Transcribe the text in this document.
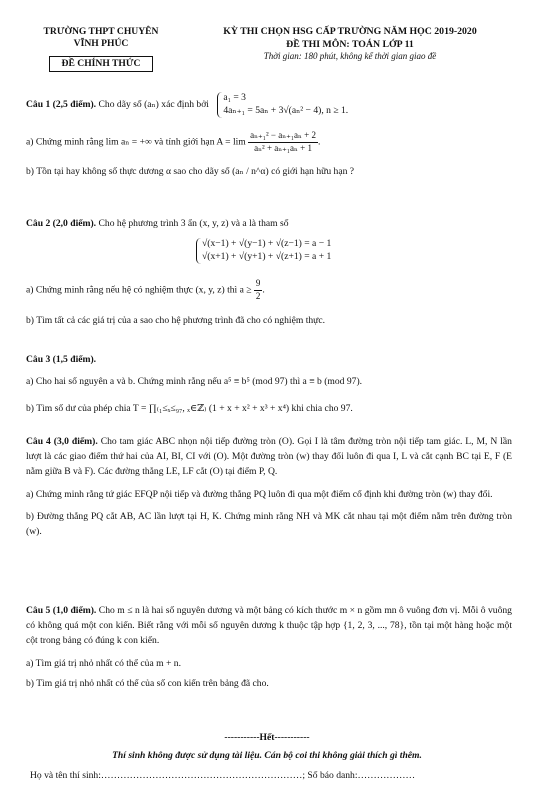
TRƯỜNG THPT CHUYÊN
VĨNH PHÚC
ĐỀ CHÍNH THỨC
KỲ THI CHỌN HSG CẤP TRƯỜNG NĂM HỌC 2019-2020
ĐỀ THI MÔN: TOÁN LỚP 11
Thời gian: 180 phút, không kể thời gian giao đề

Câu 1 (2,5 điểm). Cho dãy số (aₙ) xác định bởi
a₁ = 3
4aₙ₊₁ = 5aₙ + 3√(aₙ² − 4), n ≥ 1.

a) Chứng minh rằng lim aₙ = +∞ và tính giới hạn $A = \lim \frac{\text{aₙ₊₁² − aₙ₊₁aₙ + 2}}{\text{aₙ² + aₙ₊₁aₙ + 1}}$ .

b) Tồn tại hay không số thực dương α sao cho dãy số (aₙ / n^α) có giới hạn hữu hạn ?

Câu 2 (2,0 điểm). Cho hệ phương trình 3 ẩn (x, y, z) và a là tham số

√(x−1) + √(y−1) + √(z−1) = a − 1
√(x+1) + √(y+1) + √(z+1) = a + 1

a) Chứng minh rằng nếu hệ có nghiệm thực (x, y, z) thì $a \ge \frac{9}{2}$ .

b) Tìm tất cả các giá trị của a sao cho hệ phương trình đã cho có nghiệm thực.

Câu 3 (1,5 điểm).

a) Cho hai số nguyên a và b. Chứng minh rằng nếu a⁵ ≡ b⁵ (mod 97) thì a ≡ b (mod 97).

b) Tìm số dư của phép chia T = ∏₍₁≤ₓ≤₉₇, ₓ∈ℤ₎ (1 + x + x² + x³ + x⁴) khi chia cho 97.

Câu 4 (3,0 điểm). Cho tam giác ABC nhọn nội tiếp đường tròn (O). Gọi I là tâm đường tròn nội tiếp tam giác. L, M, N lần lượt là các giao điểm thứ hai của AI, BI, CI với (O). Một đường tròn (w) thay đổi luôn đi qua I, L và cắt cạnh BC tại E, F (E nằm giữa B và F). Các đường thẳng LE, LF cắt (O) tại điểm P, Q.

a) Chứng minh rằng tứ giác EFQP nội tiếp và đường thẳng PQ luôn đi qua một điểm cố định khi đường tròn (w) thay đổi.

b) Đường thẳng PQ cắt AB, AC lần lượt tại H, K. Chứng minh rằng NH và MK cắt nhau tại một điểm nằm trên đường tròn (w).

Câu 5 (1,0 điểm). Cho m ≤ n là hai số nguyên dương và một bảng có kích thước m × n gồm mn ô vuông đơn vị. Mỗi ô vuông có không quá một con kiến. Biết rằng với mỗi số nguyên dương k thuộc tập hợp {1, 2, 3, ..., 78}, tồn tại một hàng hoặc một cột trong bảng có đúng k con kiến.

a) Tìm giá trị nhỏ nhất có thể của m + n.

b) Tìm giá trị nhỏ nhất có thể của số con kiến trên bảng đã cho.

-----------Hết-----------
Thí sinh không được sử dụng tài liệu. Cán bộ coi thi không giải thích gì thêm.
Họ và tên thí sinh:………………………………………………………; Số báo danh:………………
